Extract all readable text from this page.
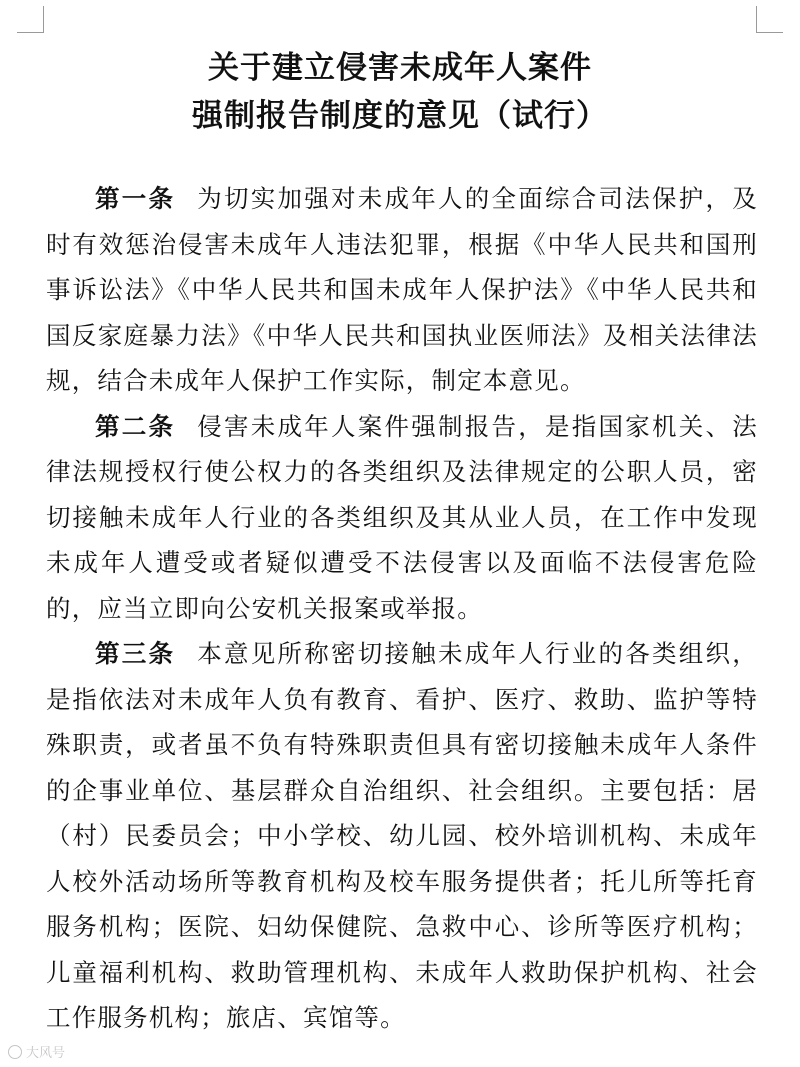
关于建立侵害未成年人案件
强制报告制度的意见（试行）

第一条 为切实加强对未成年人的全面综合司法保护，及时有效惩治侵害未成年人违法犯罪，根据《中华人民共和国刑事诉讼法》《中华人民共和国未成年人保护法》《中华人民共和国反家庭暴力法》《中华人民共和国执业医师法》及相关法律法规，结合未成年人保护工作实际，制定本意见。

第二条 侵害未成年人案件强制报告，是指国家机关、法律法规授权行使公权力的各类组织及法律规定的公职人员，密切接触未成年人行业的各类组织及其从业人员，在工作中发现未成年人遭受或者疑似遭受不法侵害以及面临不法侵害危险的，应当立即向公安机关报案或举报。

第三条 本意见所称密切接触未成年人行业的各类组织，是指依法对未成年人负有教育、看护、医疗、救助、监护等特殊职责，或者虽不负有特殊职责但具有密切接触未成年人条件的企事业单位、基层群众自治组织、社会组织。主要包括：居（村）民委员会；中小学校、幼儿园、校外培训机构、未成年人校外活动场所等教育机构及校车服务提供者；托儿所等托育服务机构；医院、妇幼保健院、急救中心、诊所等医疗机构；儿童福利机构、救助管理机构、未成年人救助保护机构、社会工作服务机构；旅店、宾馆等。

大风号
